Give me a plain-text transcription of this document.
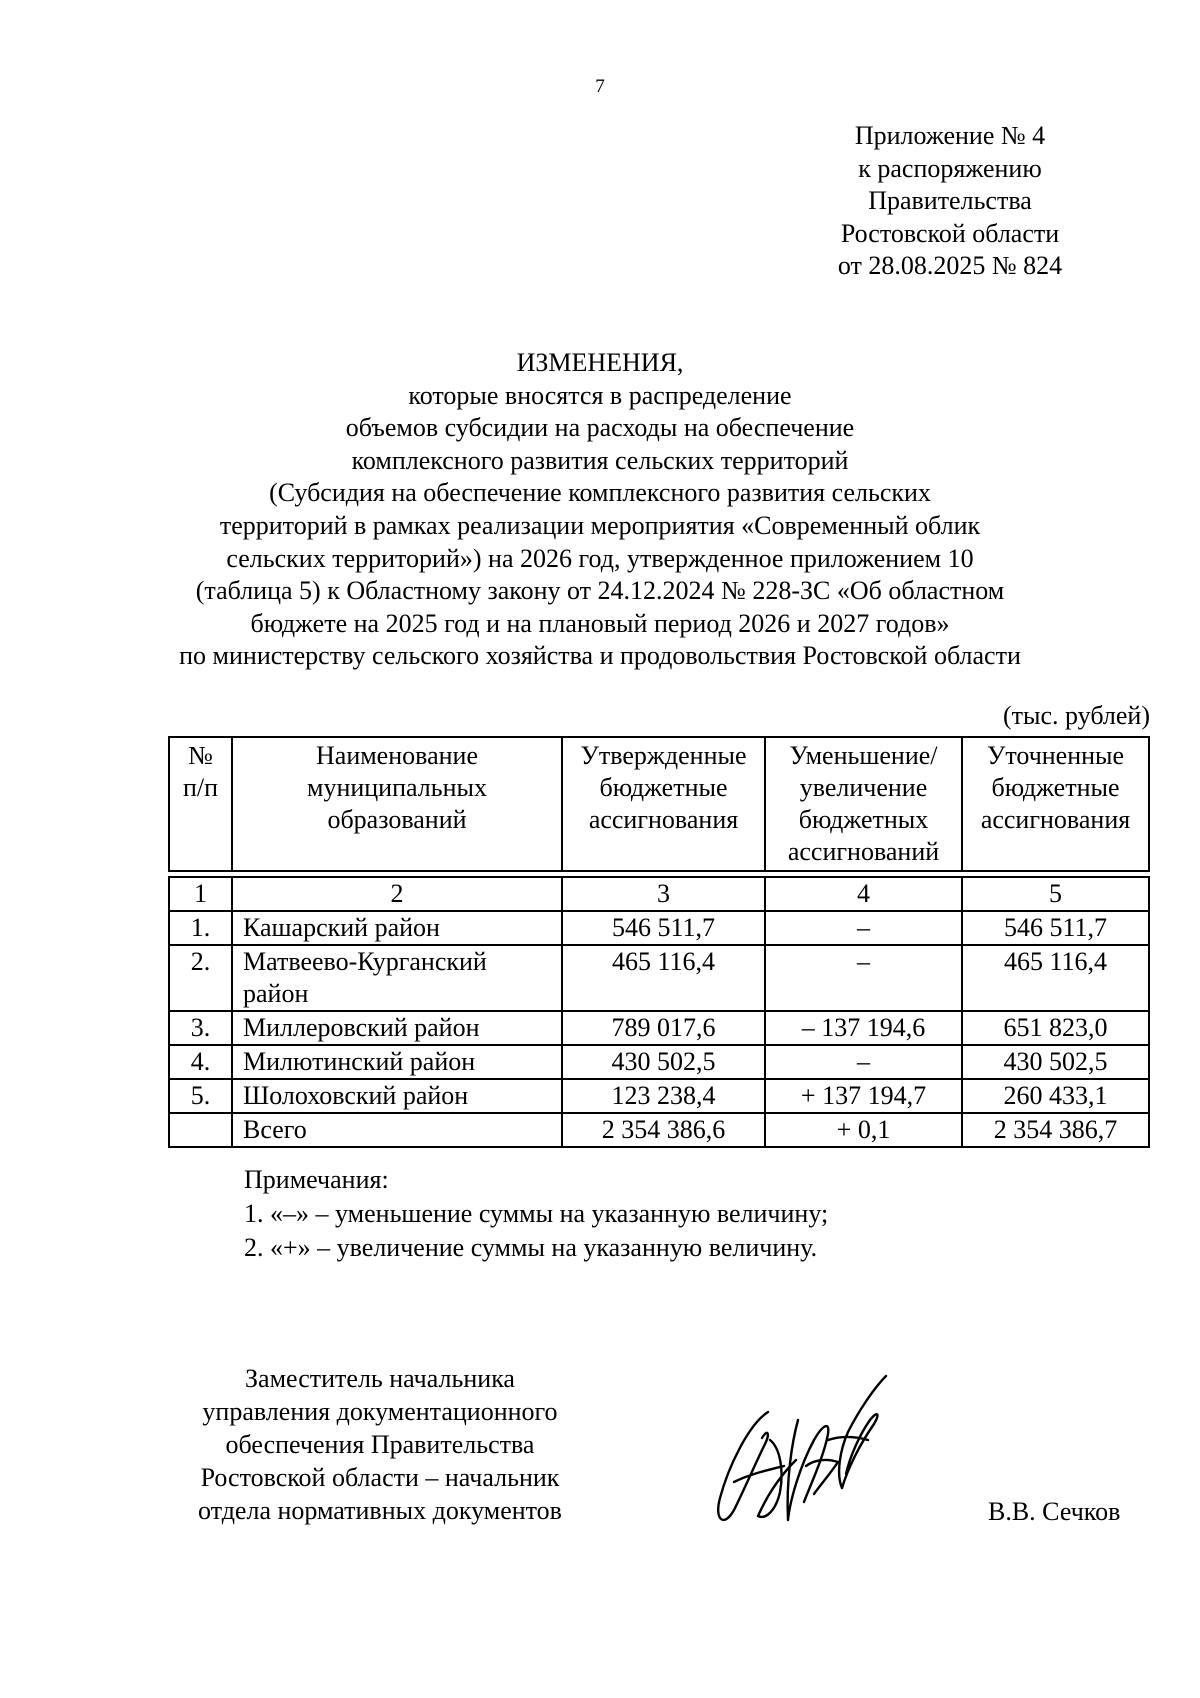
7
Приложение № 4
к распоряжению
Правительства
Ростовской области
от 28.08.2025 № 824
ИЗМЕНЕНИЯ,
которые вносятся в распределение
объемов субсидии на расходы на обеспечение
комплексного развития сельских территорий
(Субсидия на обеспечение комплексного развития сельских
территорий в рамках реализации мероприятия «Современный облик
сельских территорий») на 2026 год, утвержденное приложением 10
(таблица 5) к Областному закону от 24.12.2024 № 228-ЗС «Об областном
бюджете на 2025 год и на плановый период 2026 и 2027 годов»
по министерству сельского хозяйства и продовольствия Ростовской области
(тыс. рублей)
№ п/п	Наименование муниципальных образований	Утвержденные бюджетные ассигнования	Уменьшение/ увеличение бюджетных ассигнований	Уточненные бюджетные ассигнования

1	2	3	4	5
1.	Кашарский район	546 511,7	–	546 511,7
2.	Матвеево-Курганский район	465 116,4	–	465 116,4
3.	Миллеровский район	789 017,6	– 137 194,6	651 823,0
4.	Милютинский район	430 502,5	–	430 502,5
5.	Шолоховский район	123 238,4	+ 137 194,7	260 433,1
	Всего	2 354 386,6	+ 0,1	2 354 386,7
Примечания:
1. «–» – уменьшение суммы на указанную величину;
2. «+» – увеличение суммы на указанную величину.
Заместитель начальника
управления документационного
обеспечения Правительства
Ростовской области – начальник
отдела нормативных документов	В.В. Сечков
